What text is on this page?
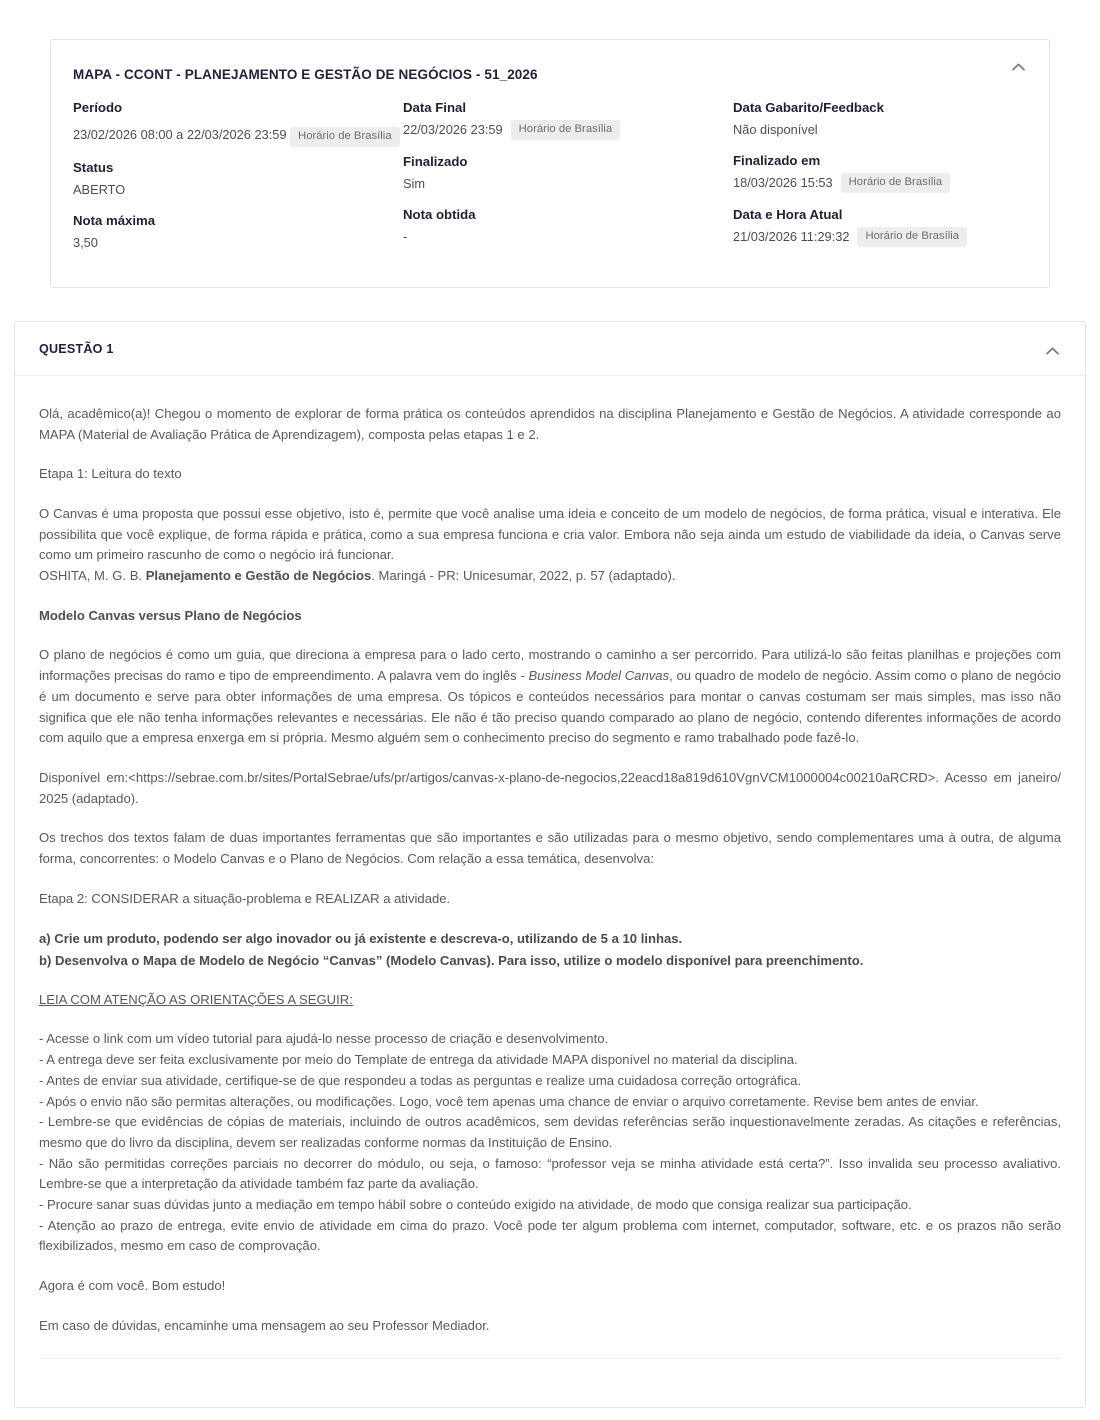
MAPA - CCONT - PLANEJAMENTO E GESTÃO DE NEGÓCIOS - 51_2026
Período
23/02/2026 08:00 a 22/03/2026 23:59 Horário de Brasília
Status
ABERTO
Nota máxima
3,50
Data Final
22/03/2026 23:59	Horário de Brasília
Finalizado
Sim
Nota obtida
-
Data Gabarito/Feedback
Não disponível
Finalizado em
18/03/2026 15:53	Horário de Brasília
Data e Hora Atual
21/03/2026 11:29:32	Horário de Brasília
QUESTÃO 1

Olá, acadêmico(a)! Chegou o momento de explorar de forma prática os conteúdos aprendidos na disciplina Planejamento e Gestão de Negócios. A atividade corresponde ao MAPA (Material de Avaliação Prática de Aprendizagem), composta pelas etapas 1 e 2.

Etapa 1: Leitura do texto

O Canvas é uma proposta que possui esse objetivo, isto é, permite que você analise uma ideia e conceito de um modelo de negócios, de forma prática, visual e interativa. Ele possibilita que você explique, de forma rápida e prática, como a sua empresa funciona e cria valor. Embora não seja ainda um estudo de viabilidade da ideia, o Canvas serve como um primeiro rascunho de como o negócio irá funcionar.

OSHITA, M. G. B. Planejamento e Gestão de Negócios. Maringá - PR: Unicesumar, 2022, p. 57 (adaptado).

Modelo Canvas versus Plano de Negócios

O plano de negócios é como um guia, que direciona a empresa para o lado certo, mostrando o caminho a ser percorrido. Para utilizá-lo são feitas planilhas e projeções com informações precisas do ramo e tipo de empreendimento. A palavra vem do inglês - Business Model Canvas, ou quadro de modelo de negócio. Assim como o plano de negócio é um documento e serve para obter informações de uma empresa. Os tópicos e conteúdos necessários para montar o canvas costumam ser mais simples, mas isso não significa que ele não tenha informações relevantes e necessárias. Ele não é tão preciso quando comparado ao plano de negócio, contendo diferentes informações de acordo com aquilo que a empresa enxerga em si própria. Mesmo alguém sem o conhecimento preciso do segmento e ramo trabalhado pode fazê-lo.

Disponível em:<https://sebrae.com.br/sites/PortalSebrae/ufs/pr/artigos/canvas-x-plano-de-negocios,22eacd18a819d610VgnVCM1000004c00210aRCRD>. Acesso em janeiro/ 2025 (adaptado).

Os trechos dos textos falam de duas importantes ferramentas que são importantes e são utilizadas para o mesmo objetivo, sendo complementares uma à outra, de alguma forma, concorrentes: o Modelo Canvas e o Plano de Negócios. Com relação a essa temática, desenvolva:

Etapa 2: CONSIDERAR a situação-problema e REALIZAR a atividade.

a) Crie um produto, podendo ser algo inovador ou já existente e descreva-o, utilizando de 5 a 10 linhas.
b) Desenvolva o Mapa de Modelo de Negócio “Canvas” (Modelo Canvas). Para isso, utilize o modelo disponível para preenchimento.

LEIA COM ATENÇÃO AS ORIENTAÇÕES A SEGUIR:

- Acesse o link com um vídeo tutorial para ajudá-lo nesse processo de criação e desenvolvimento.
- A entrega deve ser feita exclusivamente por meio do Template de entrega da atividade MAPA disponível no material da disciplina.
- Antes de enviar sua atividade, certifique-se de que respondeu a todas as perguntas e realize uma cuidadosa correção ortográfica.
- Após o envio não são permitas alterações, ou modificações. Logo, você tem apenas uma chance de enviar o arquivo corretamente. Revise bem antes de enviar.
- Lembre-se que evidências de cópias de materiais, incluindo de outros acadêmicos, sem devidas referências serão inquestionavelmente zeradas. As citações e referências, mesmo que do livro da disciplina, devem ser realizadas conforme normas da Instituição de Ensino.
- Não são permitidas correções parciais no decorrer do módulo, ou seja, o famoso: “professor veja se minha atividade está certa?”. Isso invalida seu processo avaliativo. Lembre-se que a interpretação da atividade também faz parte da avaliação.
- Procure sanar suas dúvidas junto a mediação em tempo hábil sobre o conteúdo exigido na atividade, de modo que consiga realizar sua participação.
- Atenção ao prazo de entrega, evite envio de atividade em cima do prazo. Você pode ter algum problema com internet, computador, software, etc. e os prazos não serão flexibilizados, mesmo em caso de comprovação.

Agora é com você. Bom estudo!

Em caso de dúvidas, encaminhe uma mensagem ao seu Professor Mediador.
